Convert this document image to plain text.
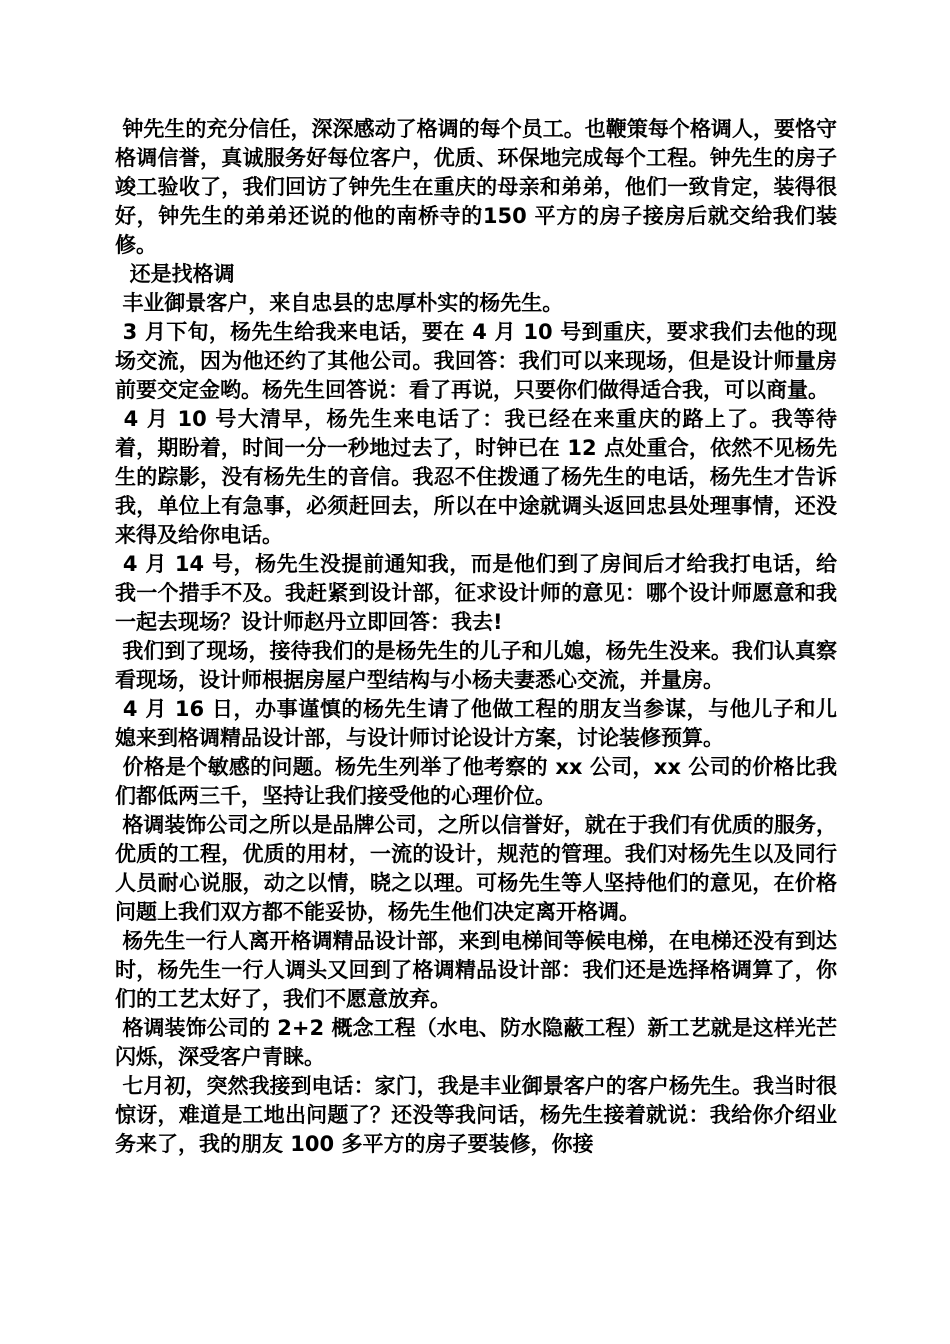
钟先生的充分信任，深深感动了格调的每个员工。也鞭策每个格调人，要恪守格调信誉，真诚服务好每位客户，优质、环保地完成每个工程。钟先生的房子竣工验收了，我们回访了钟先生在重庆的母亲和弟弟，他们一致肯定，装得很好，钟先生的弟弟还说的他的南桥寺的150 平方的房子接房后就交给我们装修。

还是找格调

丰业御景客户，来自忠县的忠厚朴实的杨先生。

3 月下旬，杨先生给我来电话，要在 4 月 10 号到重庆，要求我们去他的现场交流，因为他还约了其他公司。我回答：我们可以来现场，但是设计师量房前要交定金哟。杨先生回答说：看了再说，只要你们做得适合我，可以商量。

4 月 10 号大清早，杨先生来电话了：我已经在来重庆的路上了。我等待着，期盼着，时间一分一秒地过去了，时钟已在 12 点处重合，依然不见杨先生的踪影，没有杨先生的音信。我忍不住拨通了杨先生的电话，杨先生才告诉我，单位上有急事，必须赶回去，所以在中途就调头返回忠县处理事情，还没来得及给你电话。

4 月 14 号，杨先生没提前通知我，而是他们到了房间后才给我打电话，给我一个措手不及。我赶紧到设计部，征求设计师的意见：哪个设计师愿意和我一起去现场？设计师赵丹立即回答：我去!

我们到了现场，接待我们的是杨先生的儿子和儿媳，杨先生没来。我们认真察看现场，设计师根据房屋户型结构与小杨夫妻悉心交流，并量房。

4 月 16 日，办事谨慎的杨先生请了他做工程的朋友当参谋，与他儿子和儿媳来到格调精品设计部，与设计师讨论设计方案，讨论装修预算。

价格是个敏感的问题。杨先生列举了他考察的 xx 公司，xx 公司的价格比我们都低两三千，坚持让我们接受他的心理价位。

格调装饰公司之所以是品牌公司，之所以信誉好，就在于我们有优质的服务，优质的工程，优质的用材，一流的设计，规范的管理。我们对杨先生以及同行人员耐心说服，动之以情，晓之以理。可杨先生等人坚持他们的意见，在价格问题上我们双方都不能妥协，杨先生他们决定离开格调。

杨先生一行人离开格调精品设计部，来到电梯间等候电梯，在电梯还没有到达时，杨先生一行人调头又回到了格调精品设计部：我们还是选择格调算了，你们的工艺太好了，我们不愿意放弃。

格调装饰公司的 2+2 概念工程（水电、防水隐蔽工程）新工艺就是这样光芒闪烁，深受客户青睐。

七月初，突然我接到电话：家门，我是丰业御景客户的客户杨先生。我当时很惊讶，难道是工地出问题了？还没等我问话，杨先生接着就说：我给你介绍业务来了，我的朋友 100 多平方的房子要装修，你接
